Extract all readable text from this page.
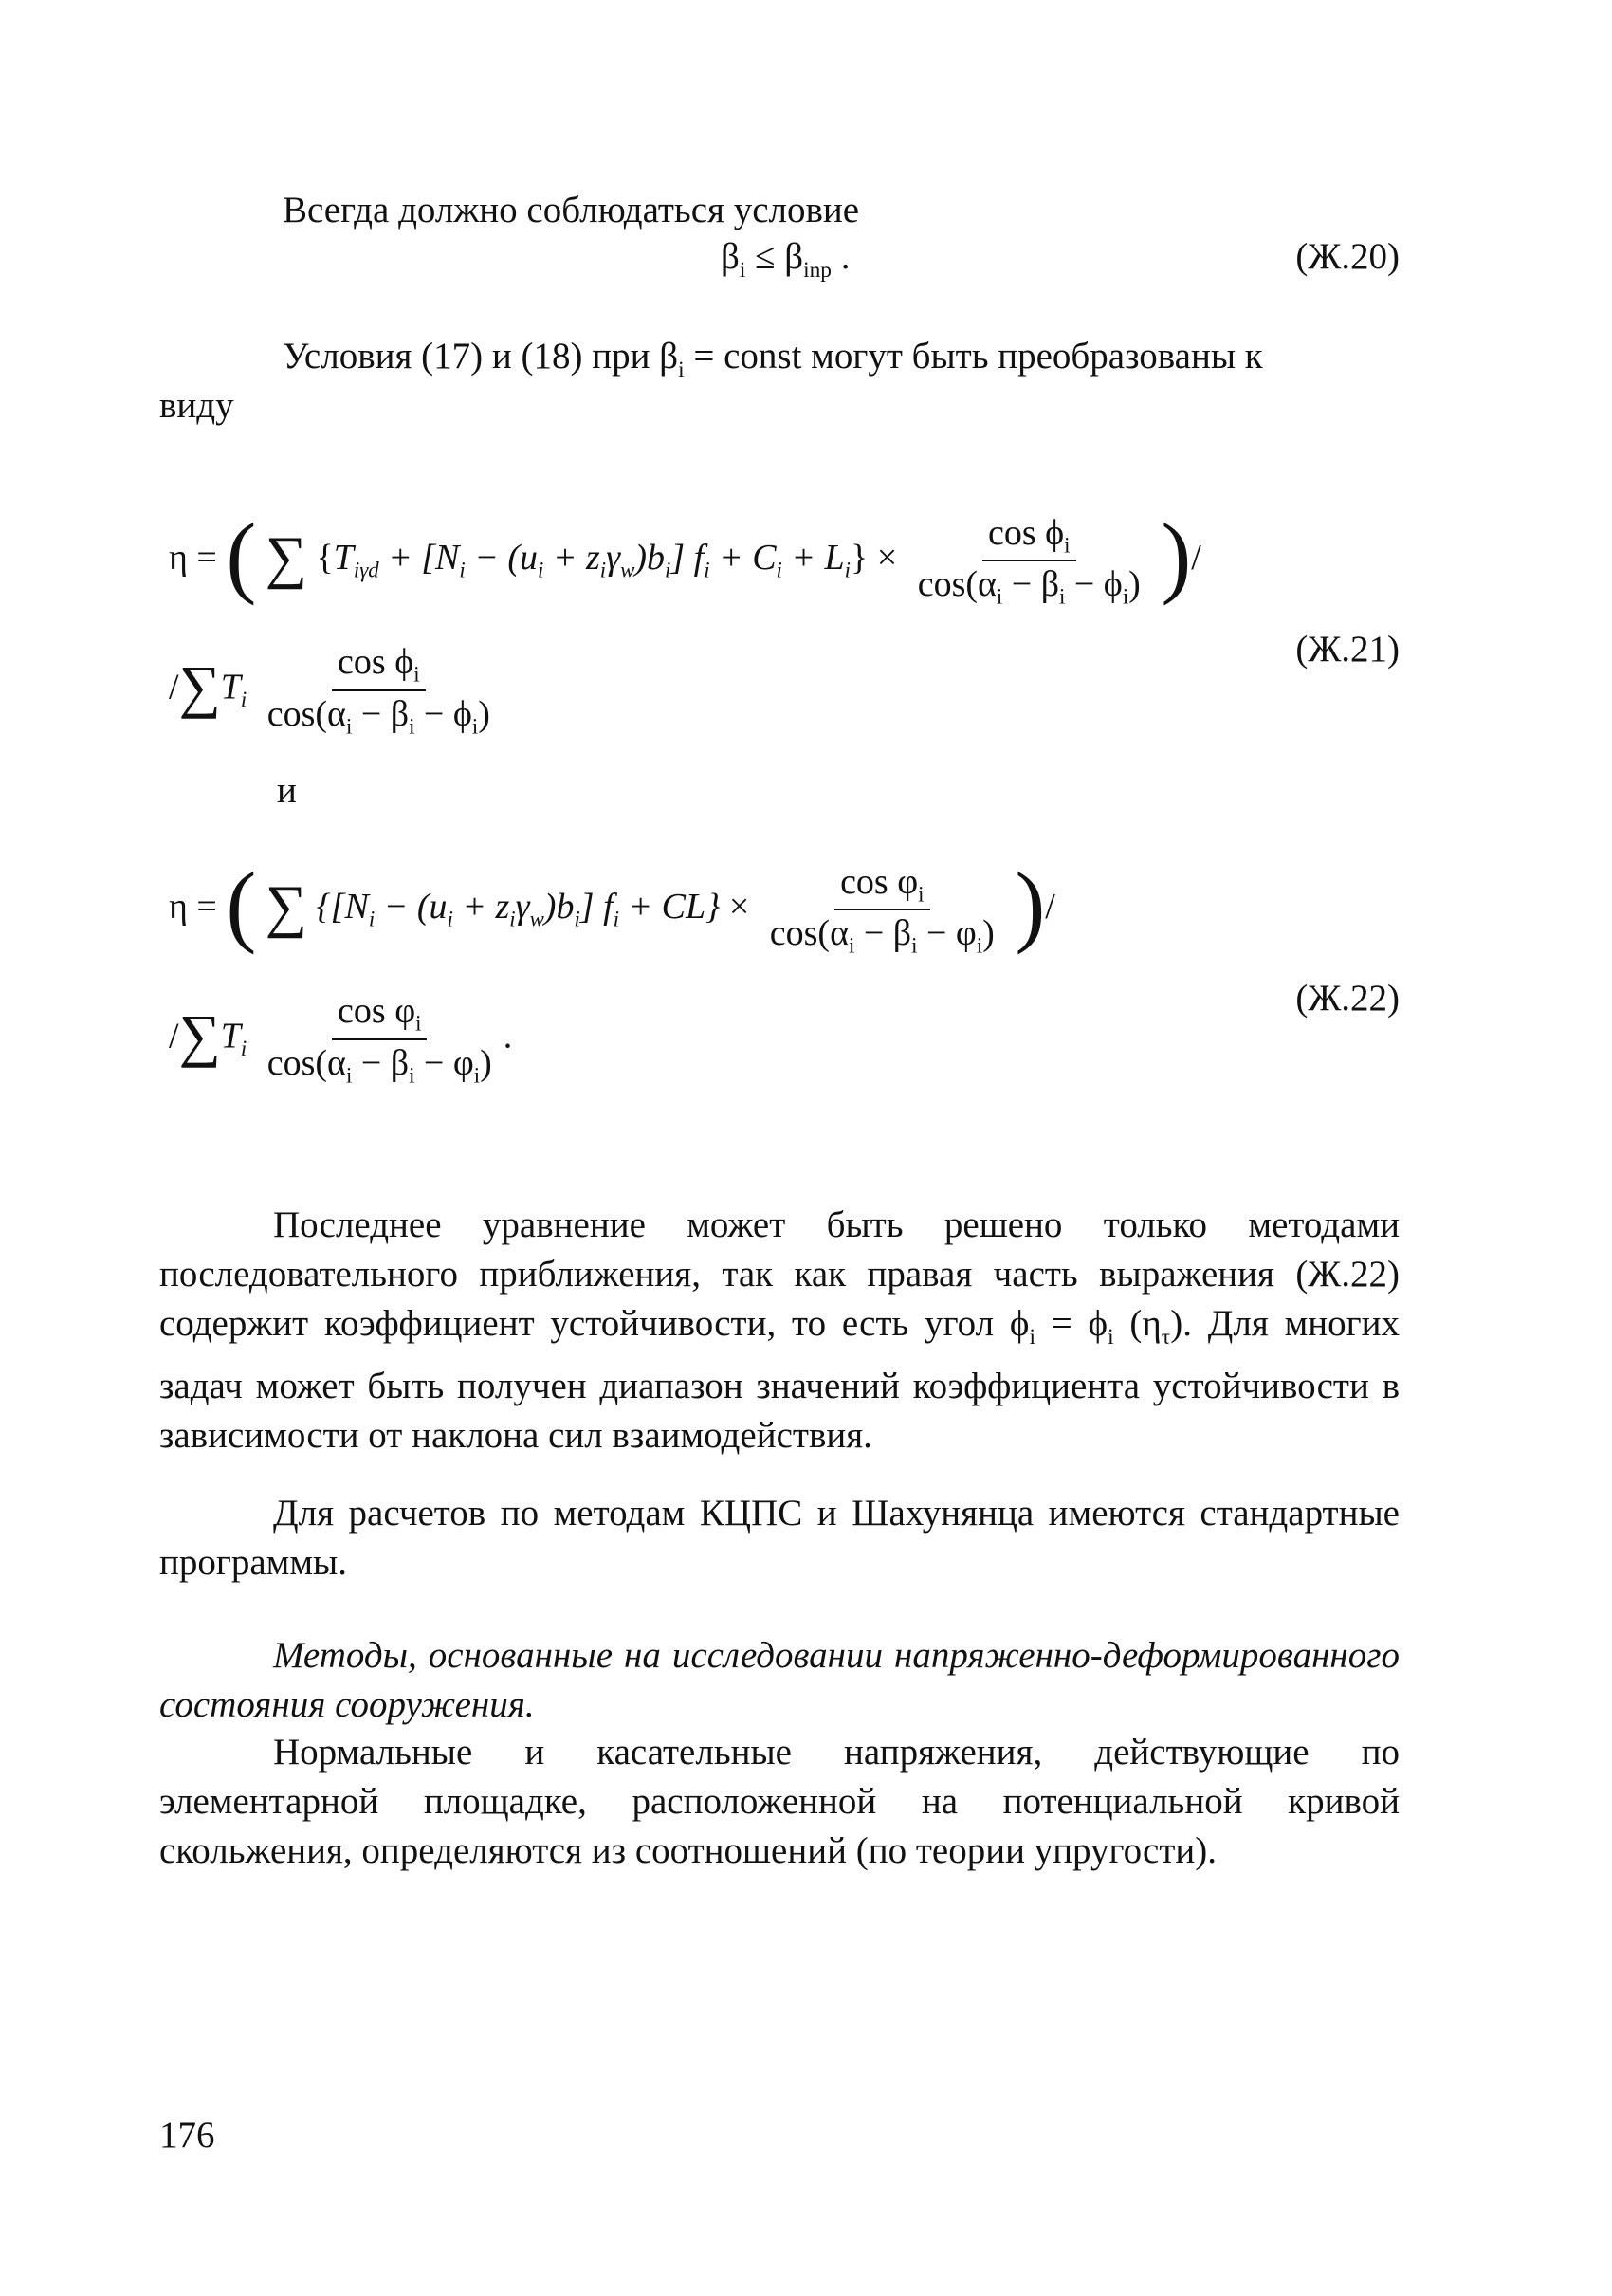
Всегда должно соблюдаться условие
$\beta_i \le \beta_{inp}$ .	(Ж.20)
Условия (17) и (18) при $\beta_i$ = const могут быть преобразованы к
виду
η = ( ∑ $\{T_{i\gamma d} + [N_i - (u_i + z_i\gamma_w)b_i] f_i + C_i + L_i\} \times \frac{\cos \phi_i}{\cos(\alpha_i - \beta_i - \phi_i)}$ )/
$/\sum T_i \frac{\cos \phi_i}{\cos(\alpha_i - \beta_i - \phi_i)}$	(Ж.21)
и
η = ( ∑ $\{[N_i - (u_i + z_i\gamma_w)b_i] f_i + CL\} \times \frac{\cos \varphi_i}{\cos(\alpha_i - \beta_i - \varphi_i)}$ )/
$/\sum T_i \frac{\cos \varphi_i}{\cos(\alpha_i - \beta_i - \varphi_i)}$ .
(Ж.22)
Последнее уравнение может быть решено только методами последовательного приближения, так как правая часть выражения (Ж.22) содержит коэффициент устойчивости, то есть угол $\phi_i = \phi_i$ $(\eta_\tau)$. Для многих задач может быть получен диапазон значений коэффициента устойчивости в зависимости от наклона сил взаимодействия.
Для расчетов по методам КЦПС и Шахунянца имеются стандартные программы.
Методы, основанные на исследовании напряженно-деформированного состояния сооружения.
Нормальные и касательные напряжения, действующие по элементарной площадке, расположенной на потенциальной кривой скольжения, определяются из соотношений (по теории упругости).
176
